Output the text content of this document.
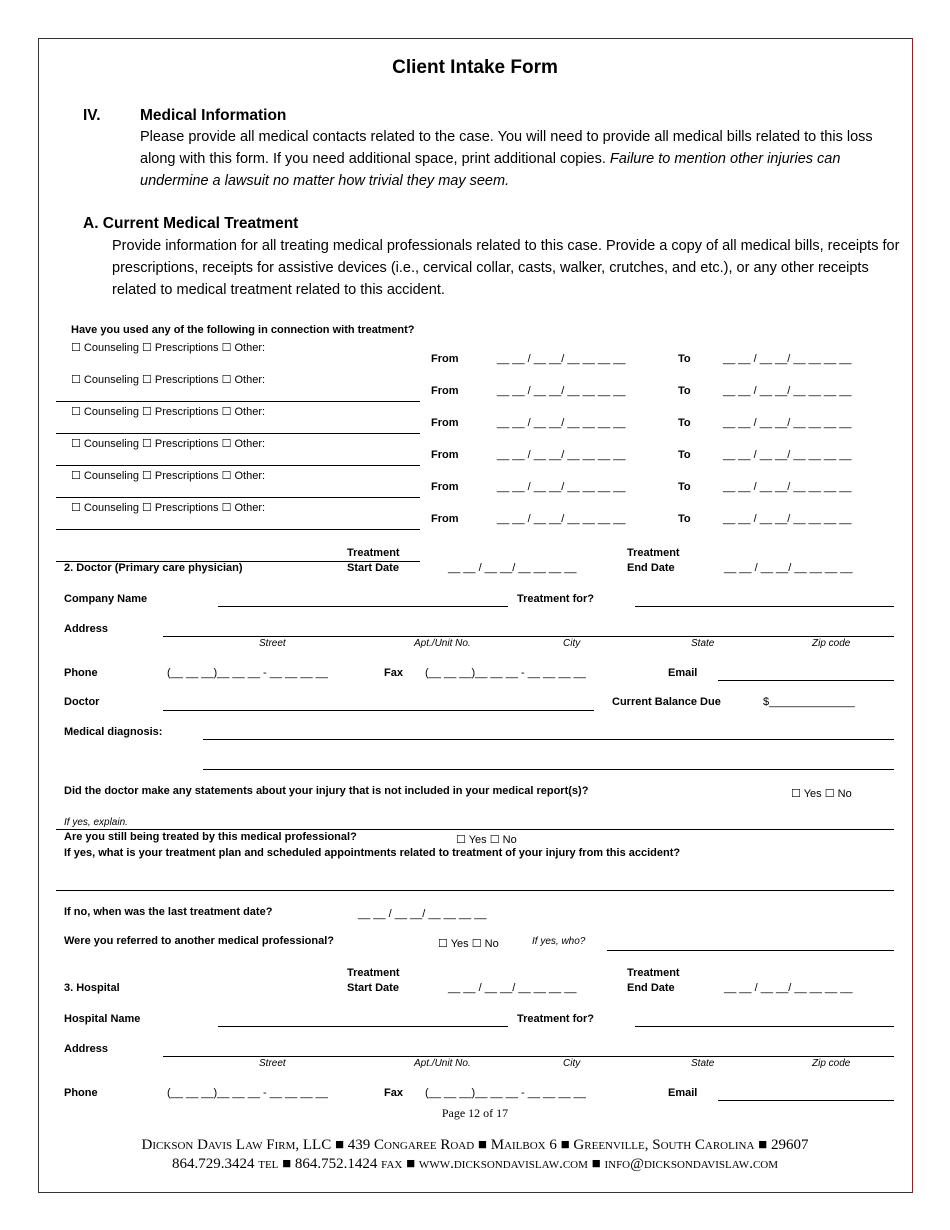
Client Intake Form
IV.	Medical Information
Please provide all medical contacts related to the case. You will need to provide all medical bills related to this loss along with this form. If you need additional space, print additional copies. Failure to mention other injuries can undermine a lawsuit no matter how trivial they may seem.
A. Current Medical Treatment
Provide information for all treating medical professionals related to this case. Provide a copy of all medical bills, receipts for prescriptions, receipts for assistive devices (i.e., cervical collar, casts, walker, crutches, and etc.), or any other receipts related to medical treatment related to this accident.
Have you used any of the following in connection with treatment?
Page 12 of 17
Dickson Davis Law Firm, LLC ■ 439 Congaree Road ■ Mailbox 6 ■ Greenville, South Carolina ■ 29607
864.729.3424 tel ■ 864.752.1424 fax ■ www.dicksondavislaw.com ■ info@dicksondavislaw.com
☐ Counseling ☐ Prescriptions ☐ Other:
From	__ __ / __ __/ __ __ __ __	To	__ __ / __ __/ __ __ __ __
☐ Counseling ☐ Prescriptions ☐ Other:
From	__ __ / __ __/ __ __ __ __	To	__ __ / __ __/ __ __ __ __
☐ Counseling ☐ Prescriptions ☐ Other:
From	__ __ / __ __/ __ __ __ __	To	__ __ / __ __/ __ __ __ __
☐ Counseling ☐ Prescriptions ☐ Other:
From	__ __ / __ __/ __ __ __ __	To	__ __ / __ __/ __ __ __ __
☐ Counseling ☐ Prescriptions ☐ Other:
From	__ __ / __ __/ __ __ __ __	To	__ __ / __ __/ __ __ __ __
☐ Counseling ☐ Prescriptions ☐ Other:
From	__ __ / __ __/ __ __ __ __	To	__ __ / __ __/ __ __ __ __
2. Doctor (Primary care physician)
Treatment
Start Date	__ __ / __ __/ __ __ __ __
Treatment
End Date	__ __ / __ __/ __ __ __ __
Company Name	Treatment for?
Address
Street	Apt./Unit No.	City	State	Zip code
Phone	(__ __ __)__ __ __ - __ __ __ __	Fax (__ __ __)__ __ __ - __ __ __ __	Email
Doctor	Current Balance Due	$______________
Medical diagnosis:
Did the doctor make any statements about your injury that is not included in your medical report(s)?	☐ Yes ☐ No
If yes, explain.
Are you still being treated by this medical professional?	☐ Yes ☐ No
If yes, what is your treatment plan and scheduled appointments related to treatment of your injury from this accident?
If no, when was the last treatment date?	__ __ / __ __/ __ __ __ __
Were you referred to another medical professional?	☐ Yes ☐ No	If yes, who?
3. Hospital
Treatment
Start Date	__ __ / __ __/ __ __ __ __
Treatment
End Date	__ __ / __ __/ __ __ __ __
Hospital Name	Treatment for?
Address
Street	Apt./Unit No.	City	State	Zip code
Phone	(__ __ __)__ __ __ - __ __ __ __	Fax (__ __ __)__ __ __ - __ __ __ __	Email
